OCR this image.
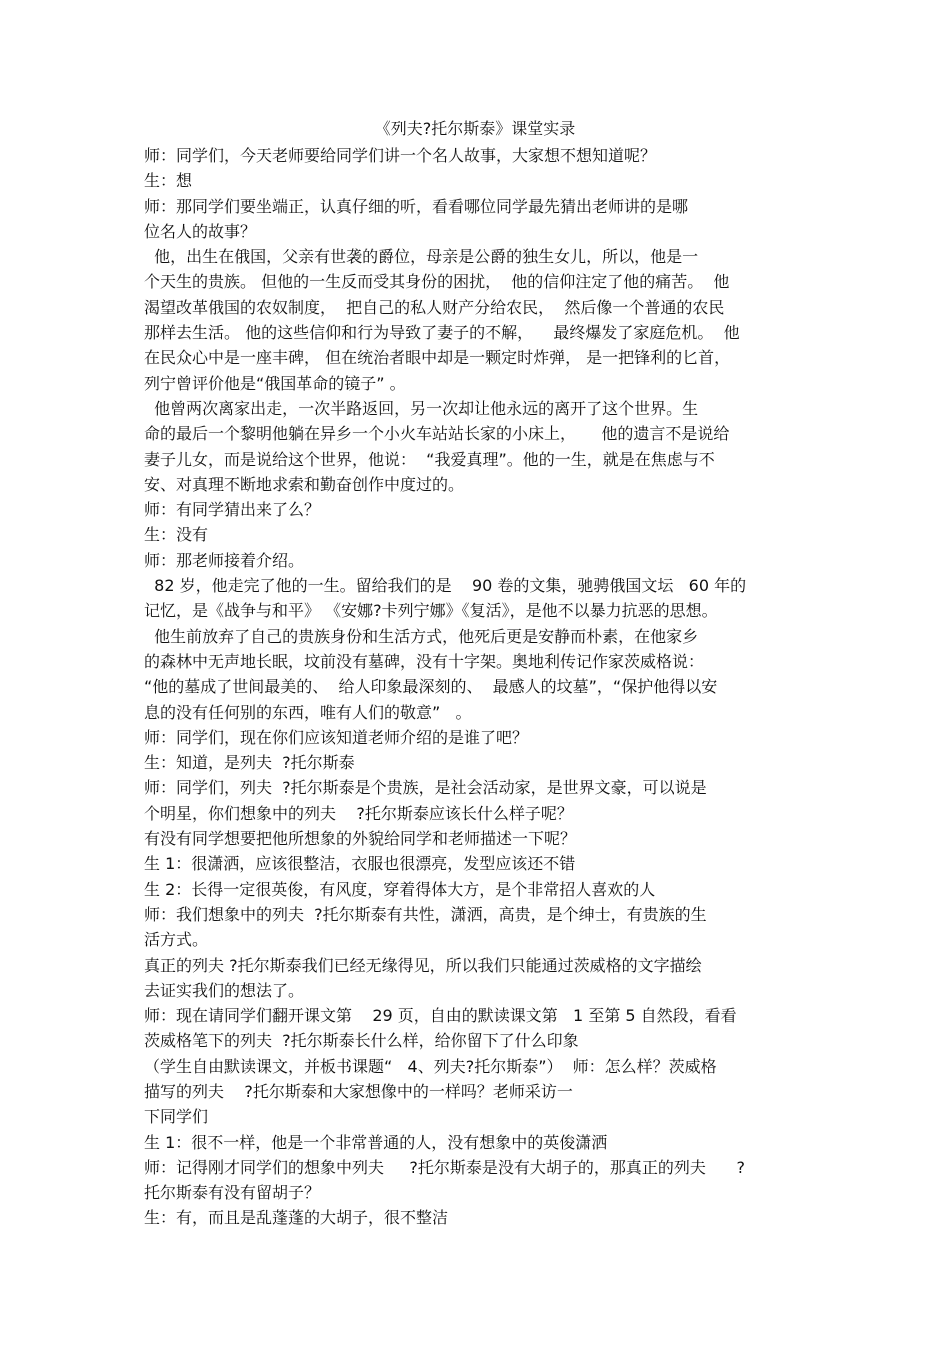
《列夫?托尔斯泰》课堂实录
师：同学们，今天老师要给同学们讲一个名人故事，大家想不想知道呢？
生：想
师：那同学们要坐端正，认真仔细的听，看看哪位同学最先猜出老师讲的是哪
位名人的故事？
他，出生在俄国，父亲有世袭的爵位，母亲是公爵的独生女儿，所以，他是一
个天生的贵族。 但他的一生反而受其身份的困扰，  他的信仰注定了他的痛苦。  他
渴望改革俄国的农奴制度，  把自己的私人财产分给农民，  然后像一个普通的农民
那样去生活。 他的这些信仰和行为导致了妻子的不解，    最终爆发了家庭危机。  他
在民众心中是一座丰碑， 但在统治者眼中却是一颗定时炸弹， 是一把锋利的匕首，
列宁曾评价他是“俄国革命的镜子” 。
他曾两次离家出走，一次半路返回，另一次却让他永远的离开了这个世界。生
命的最后一个黎明他躺在异乡一个小火车站站长家的小床上，     他的遗言不是说给
妻子儿女，而是说给这个世界，他说：  “我爱真理”。他的一生，就是在焦虑与不
安、对真理不断地求索和勤奋创作中度过的。
师：有同学猜出来了么？
生：没有
师：那老师接着介绍。
82 岁，他走完了他的一生。留给我们的是    90 卷的文集，驰骋俄国文坛   60 年的
记忆，是《战争与和平》 《安娜?卡列宁娜》《复活》，是他不以暴力抗恶的思想。
他生前放弃了自己的贵族身份和生活方式，他死后更是安静而朴素，在他家乡
的森林中无声地长眠，坟前没有墓碑，没有十字架。奥地利传记作家茨威格说：
“他的墓成了世间最美的、  给人印象最深刻的、  最感人的坟墓”，“保护他得以安
息的没有任何别的东西，唯有人们的敬意”   。
师：同学们，现在你们应该知道老师介绍的是谁了吧？
生：知道，是列夫  ?托尔斯泰
师：同学们，列夫  ?托尔斯泰是个贵族，是社会活动家，是世界文豪，可以说是
个明星，你们想象中的列夫    ?托尔斯泰应该长什么样子呢？
有没有同学想要把他所想象的外貌给同学和老师描述一下呢？
生 1：很潇洒，应该很整洁，衣服也很漂亮，发型应该还不错
生 2：长得一定很英俊，有风度，穿着得体大方，是个非常招人喜欢的人
师：我们想象中的列夫  ?托尔斯泰有共性，潇洒，高贵，是个绅士，有贵族的生
活方式。
真正的列夫 ?托尔斯泰我们已经无缘得见，所以我们只能通过茨威格的文字描绘
去证实我们的想法了。
师：现在请同学们翻开课文第    29 页，自由的默读课文第   1 至第 5 自然段，看看
茨威格笔下的列夫  ?托尔斯泰长什么样，给你留下了什么印象
（学生自由默读课文，并板书课题“   4、列夫?托尔斯泰”）  师：怎么样？茨威格
描写的列夫    ?托尔斯泰和大家想像中的一样吗？老师采访一
下同学们
生 1：很不一样，他是一个非常普通的人，没有想象中的英俊潇洒
师：记得刚才同学们的想象中列夫     ?托尔斯泰是没有大胡子的，那真正的列夫      ?
托尔斯泰有没有留胡子？
生：有，而且是乱蓬蓬的大胡子，很不整洁
